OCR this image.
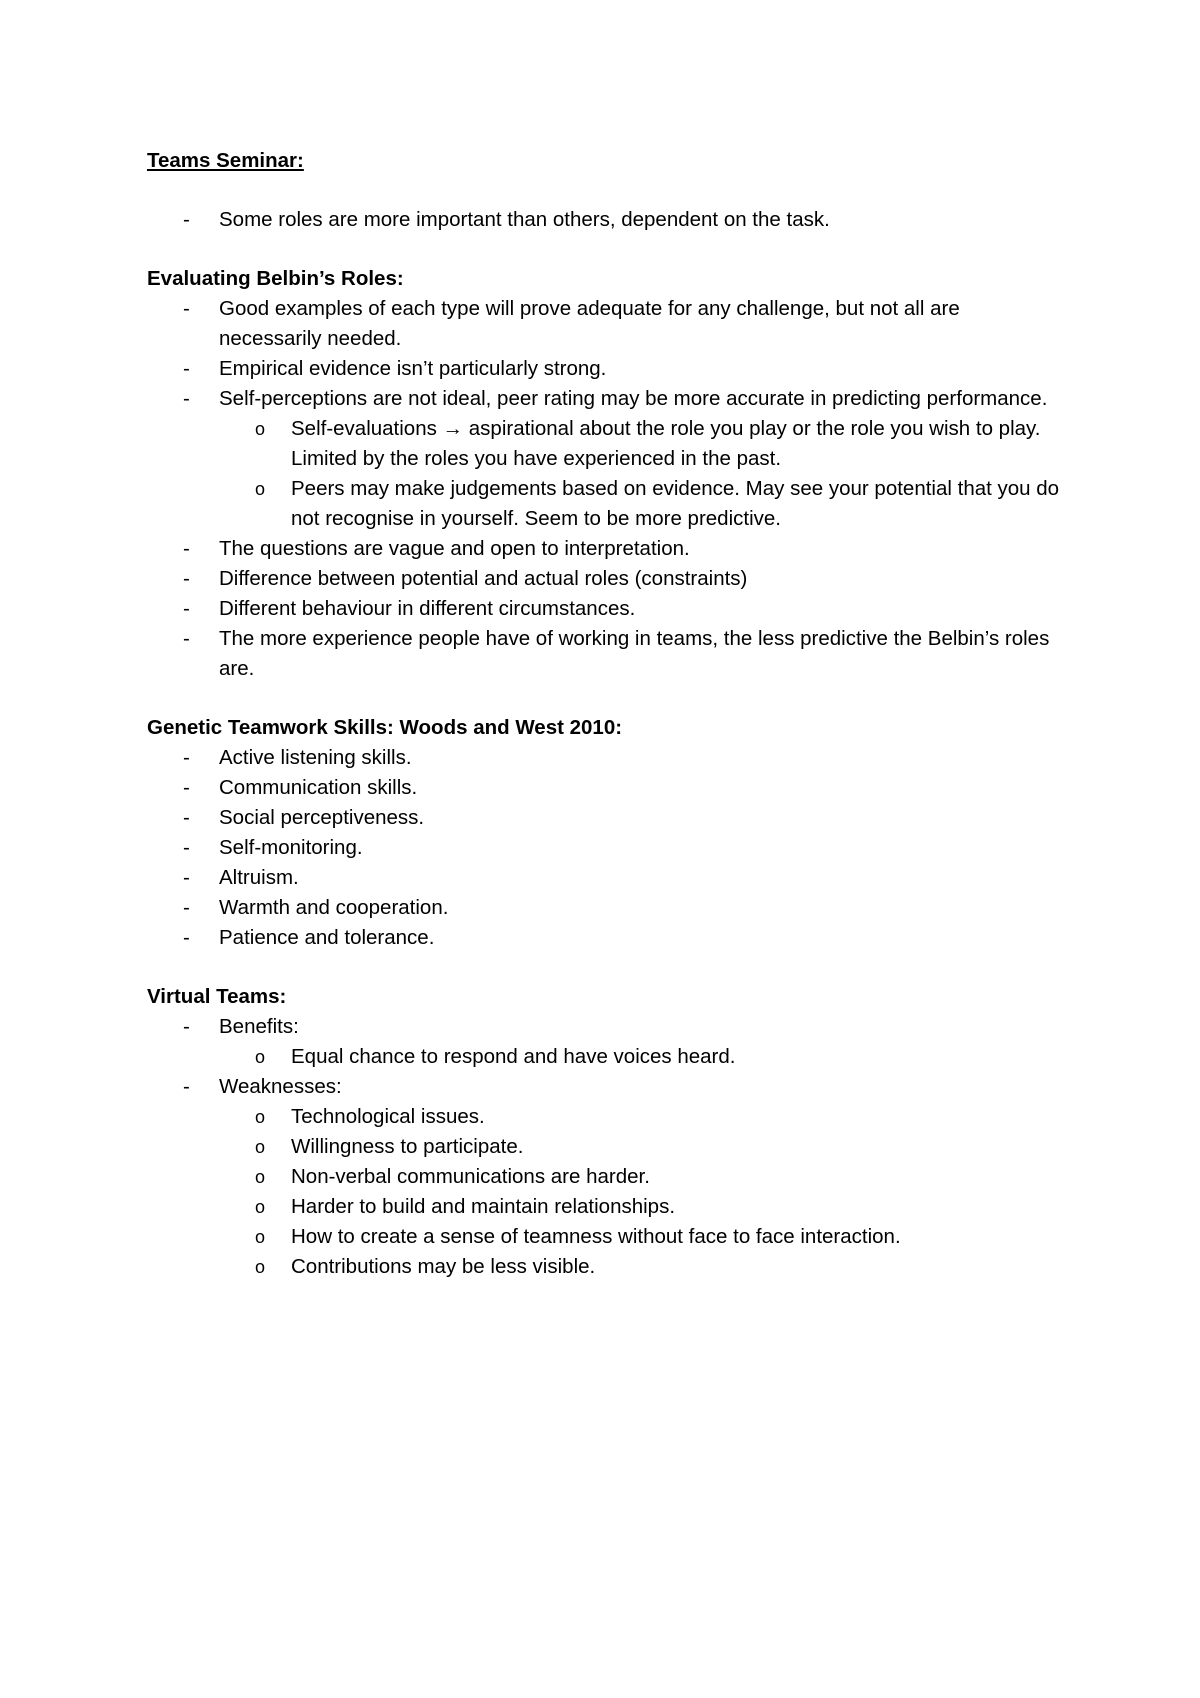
Teams Seminar:

-	Some roles are more important than others, dependent on the task.

Evaluating Belbin’s Roles:

-	Good examples of each type will prove adequate for any challenge, but not all are necessarily needed.
-	Empirical evidence isn’t particularly strong.
-	Self-perceptions are not ideal, peer rating may be more accurate in predicting performance.
o	Self-evaluations → aspirational about the role you play or the role you wish to play. Limited by the roles you have experienced in the past.
o	Peers may make judgements based on evidence. May see your potential that you do not recognise in yourself. Seem to be more predictive.
-	The questions are vague and open to interpretation.
-	Difference between potential and actual roles (constraints)
-	Different behaviour in different circumstances.
-	The more experience people have of working in teams, the less predictive the Belbin’s roles are.

Genetic Teamwork Skills: Woods and West 2010:

-	Active listening skills.
-	Communication skills.
-	Social perceptiveness.
-	Self-monitoring.
-	Altruism.
-	Warmth and cooperation.
-	Patience and tolerance.

Virtual Teams:

-	Benefits:
o	Equal chance to respond and have voices heard.
-	Weaknesses:
o	Technological issues.
o	Willingness to participate.
o	Non-verbal communications are harder.
o	Harder to build and maintain relationships.
o	How to create a sense of teamness without face to face interaction.
o	Contributions may be less visible.
